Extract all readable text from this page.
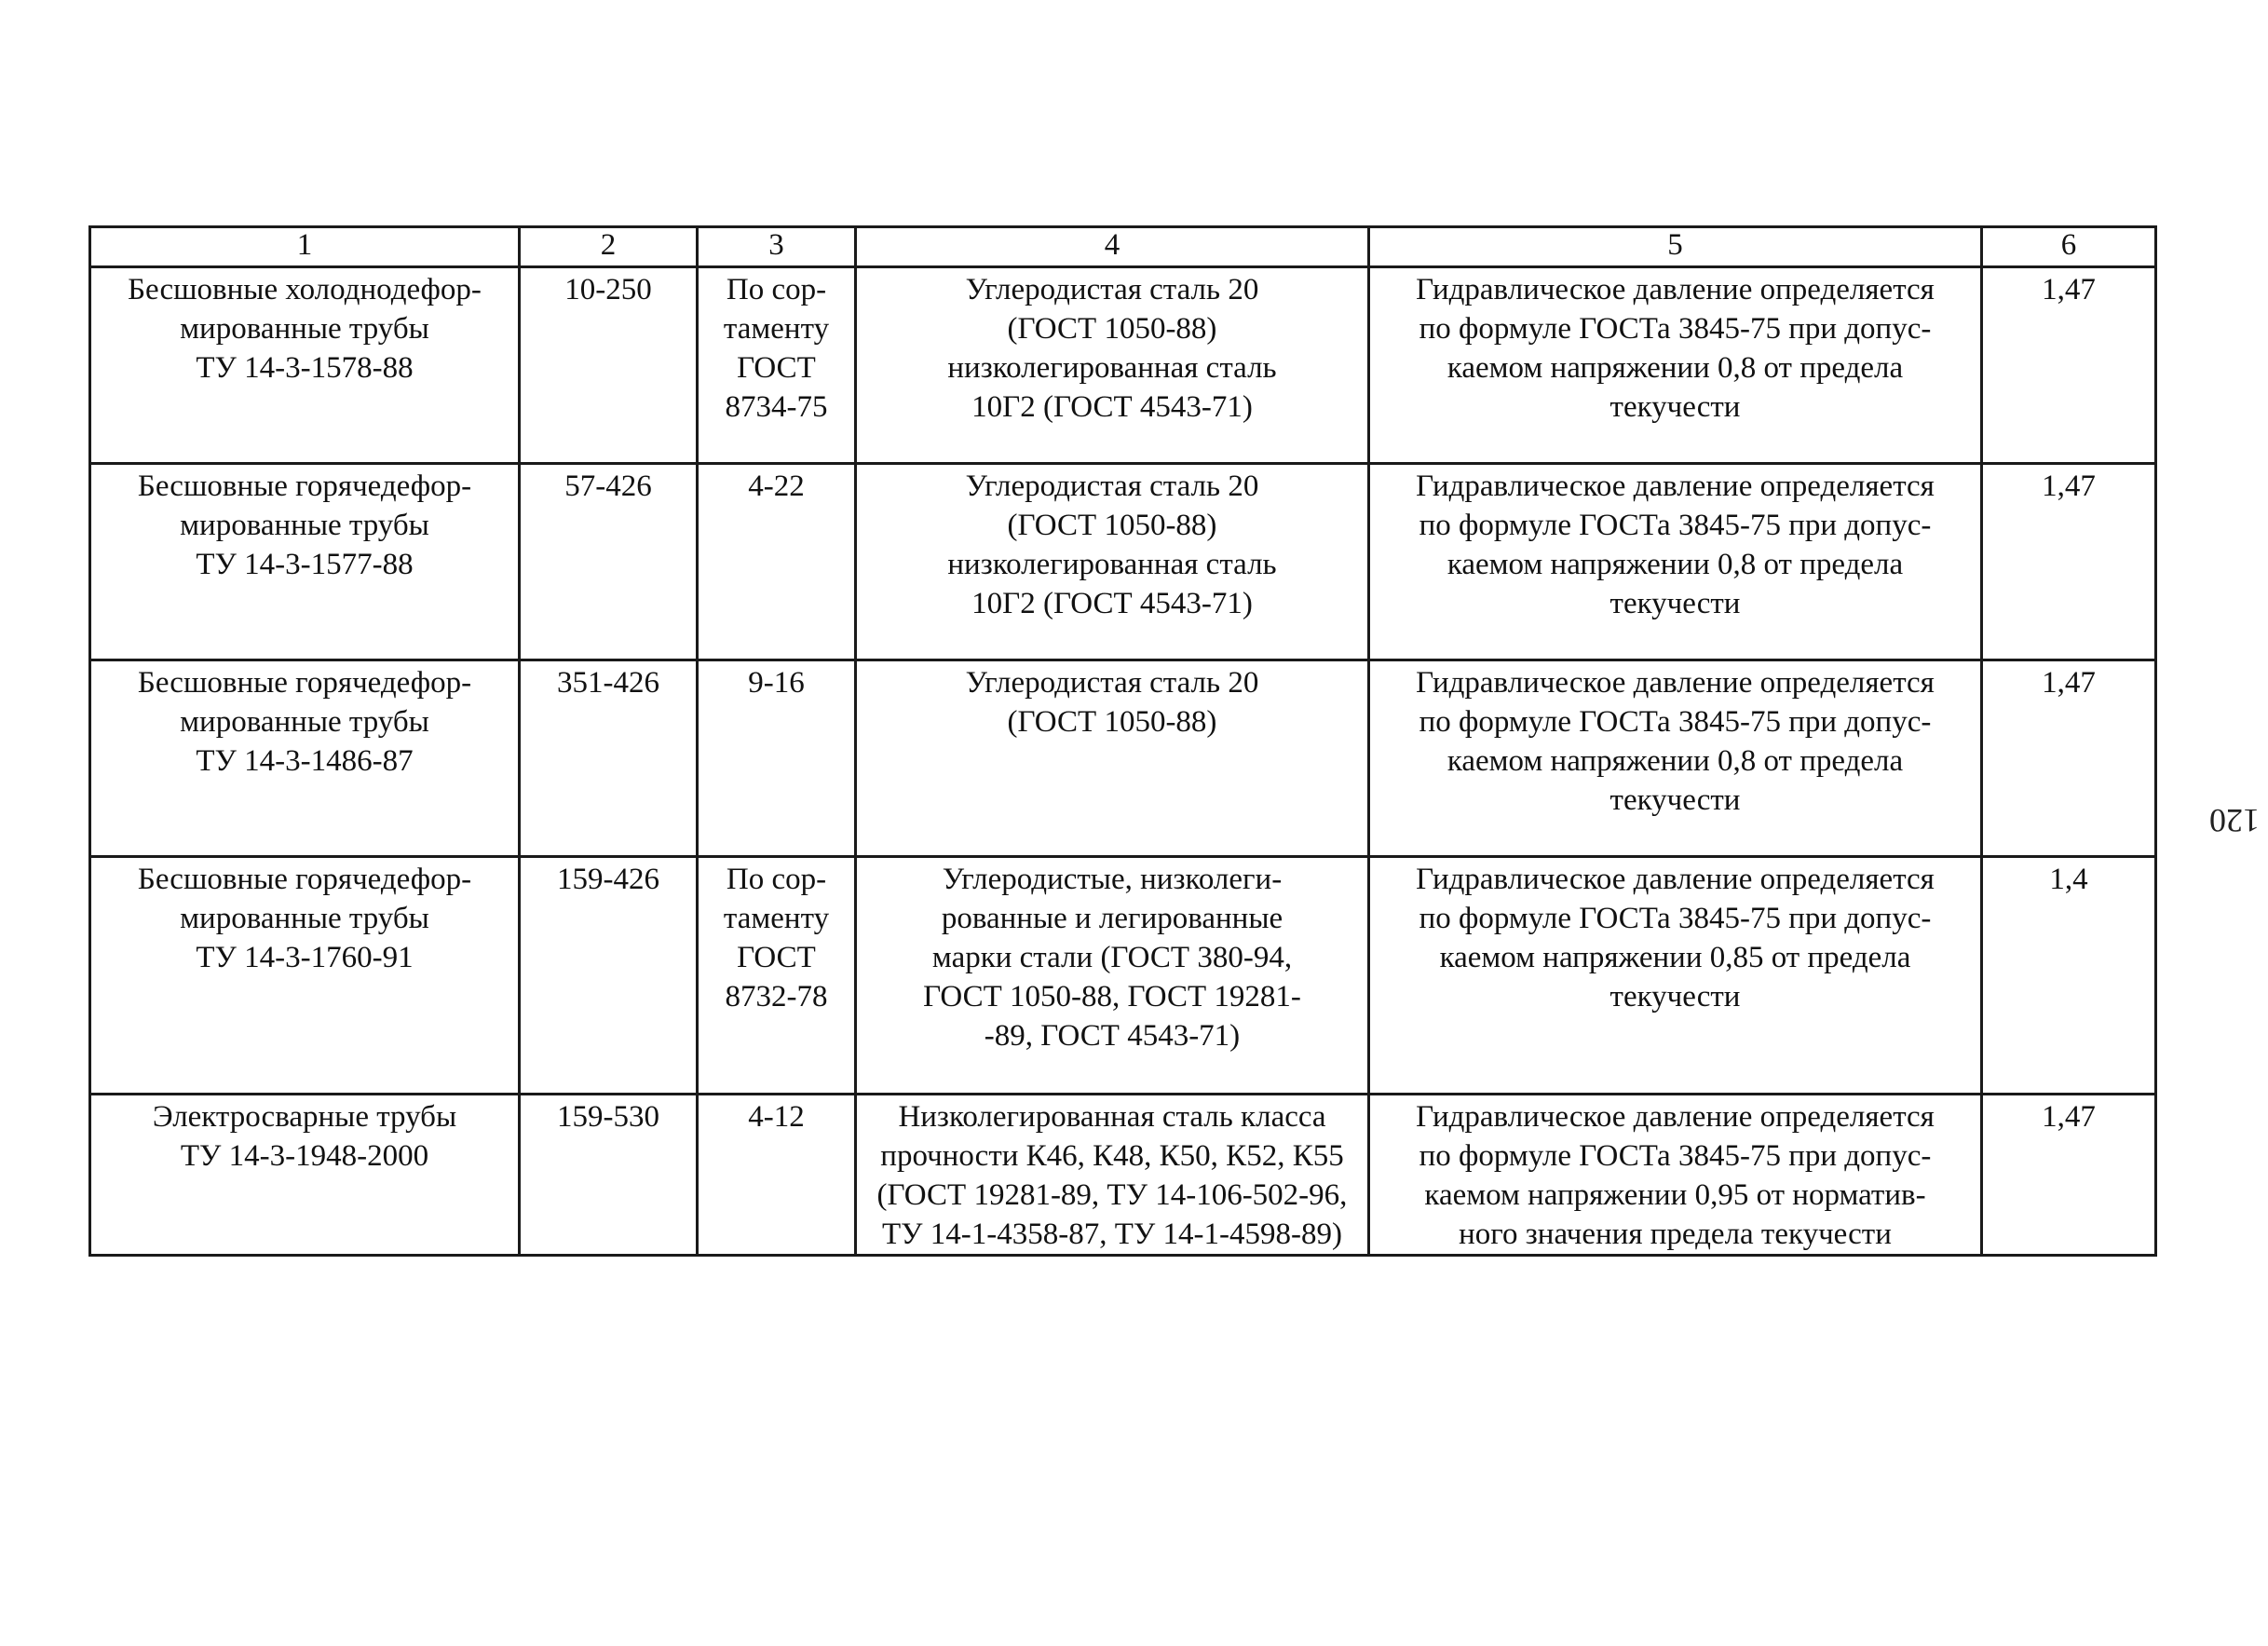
1	2	3	4	5	6

Бесшовные холоднодефор-
мированные трубы
ТУ 14-3-1578-88	10-250	По сор-
таменту
ГОСТ
8734-75	Углеродистая сталь 20
(ГОСТ 1050-88)
низколегированная сталь
10Г2 (ГОСТ 4543-71)	Гидравлическое давление определяется
по формуле ГОСТа 3845-75 при допус-
каемом напряжении 0,8 от предела
текучести	1,47

Бесшовные горячедефор-
мированные трубы
ТУ 14-3-1577-88	57-426	4-22	Углеродистая сталь 20
(ГОСТ 1050-88)
низколегированная сталь
10Г2 (ГОСТ 4543-71)	Гидравлическое давление определяется
по формуле ГОСТа 3845-75 при допус-
каемом напряжении 0,8 от предела
текучести	1,47

Бесшовные горячедефор-
мированные трубы
ТУ 14-3-1486-87	351-426	9-16	Углеродистая сталь 20
(ГОСТ 1050-88)	Гидравлическое давление определяется
по формуле ГОСТа 3845-75 при допус-
каемом напряжении 0,8 от предела
текучести	1,47

Бесшовные горячедефор-
мированные трубы
ТУ 14-3-1760-91	159-426	По сор-
таменту
ГОСТ
8732-78	Углеродистые, низколеги-
рованные и легированные
марки стали (ГОСТ 380-94,
ГОСТ 1050-88, ГОСТ 19281-
-89, ГОСТ 4543-71)	Гидравлическое давление определяется
по формуле ГОСТа 3845-75 при допус-
каемом напряжении 0,85 от предела
текучести	1,4

Электросварные трубы
ТУ 14-3-1948-2000	159-530	4-12	Низколегированная сталь класса
прочности К46, К48, К50, К52, К55
(ГОСТ 19281-89, ТУ 14-106-502-96,
ТУ 14-1-4358-87, ТУ 14-1-4598-89)	Гидравлическое давление определяется
по формуле ГОСТа 3845-75 при допус-
каемом напряжении 0,95 от норматив-
ного значения предела текучести	1,47
120
